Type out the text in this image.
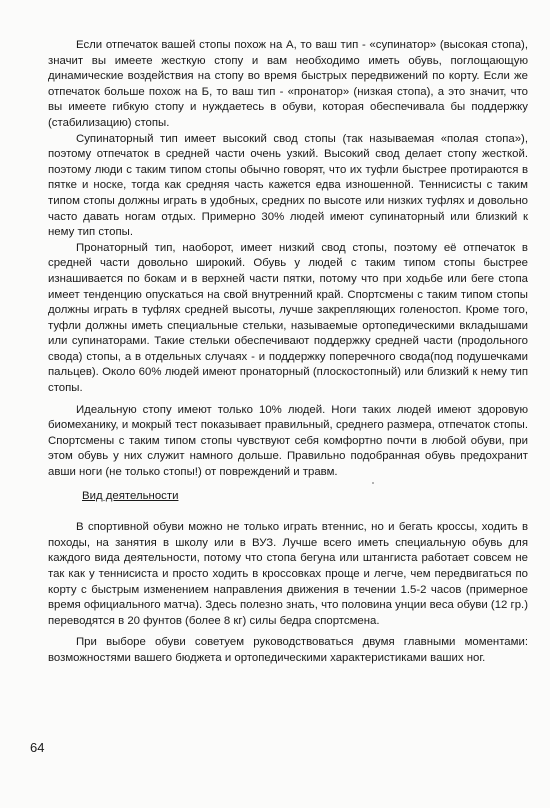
Если отпечаток вашей стопы похож на А, то ваш тип - «супинатор» (высокая стопа), значит вы имеете жесткую стопу и вам необходимо иметь обувь, поглощающую динамические воздействия на стопу во время быстрых передвижений по корту. Если же отпечаток больше похож на Б, то ваш тип - «пронатор» (низкая стопа), а это значит, что вы имеете гибкую стопу и нуждаетесь в обуви, которая обеспечивала бы поддержку (стабилизацию) стопы.

Супинаторный тип имеет высокий свод стопы (так называемая «полая стопа»), поэтому отпечаток в средней части очень узкий. Высокий свод делает стопу жесткой. поэтому люди с таким типом стопы обычно говорят, что их туфли быстрее протираются в пятке и носке, тогда как средняя часть кажется едва изношенной. Теннисисты с таким типом стопы должны играть в удобных, средних по высоте или низких туфлях и довольно часто давать ногам отдых. Примерно 30% людей имеют супинаторный или близкий к нему тип стопы.

Пронаторный тип, наоборот, имеет низкий свод стопы, поэтому её отпечаток в средней части довольно широкий. Обувь у людей с таким типом стопы быстрее изнашивается по бокам и в верхней части пятки, потому что при ходьбе или беге стопа имеет тенденцию опускаться на свой внутренний край. Спортсмены с таким типом стопы должны играть в туфлях средней высоты, лучше закрепляющих голеностоп. Кроме того, туфли должны иметь специальные стельки, называемые ортопедическими вкладышами или супинаторами. Такие стельки обеспечивают поддержку средней части (продольного свода) стопы, а в отдельных случаях - и поддержку поперечного свода(под подушечками пальцев). Около 60% людей имеют пронаторный (плоскостопный) или близкий к нему тип стопы.

Идеальную стопу имеют только 10% людей. Ноги таких людей имеют здоровую биомеханику, и мокрый тест показывает правильный, среднего размера, отпечаток стопы. Спортсмены с таким типом стопы чувствуют себя комфортно почти в любой обуви, при этом обувь у них служит намного дольше. Правильно подобранная обувь предохранит авши ноги (не только стопы!) от повреждений и травм.

Вид деятельности

В спортивной обуви можно не только играть втеннис, но и бегать кроссы, ходить в походы, на занятия в школу или в ВУЗ. Лучше всего иметь специальную обувь для каждого вида деятельности, потому что стопа бегуна или штангиста работает совсем не так как у теннисиста и просто ходить в кроссовках проще и легче, чем передвигаться по корту с быстрым изменением направления движения в течении 1.5-2 часов (примерное время официального матча). Здесь полезно знать, что половина унции веса обуви (12 гр.) переводятся в 20 фунтов (более 8 кг) силы бедра спортсмена.

При выборе обуви советуем руководствоваться двумя главными моментами: возможностями вашего бюджета и ортопедическими характеристиками ваших ног.

64
